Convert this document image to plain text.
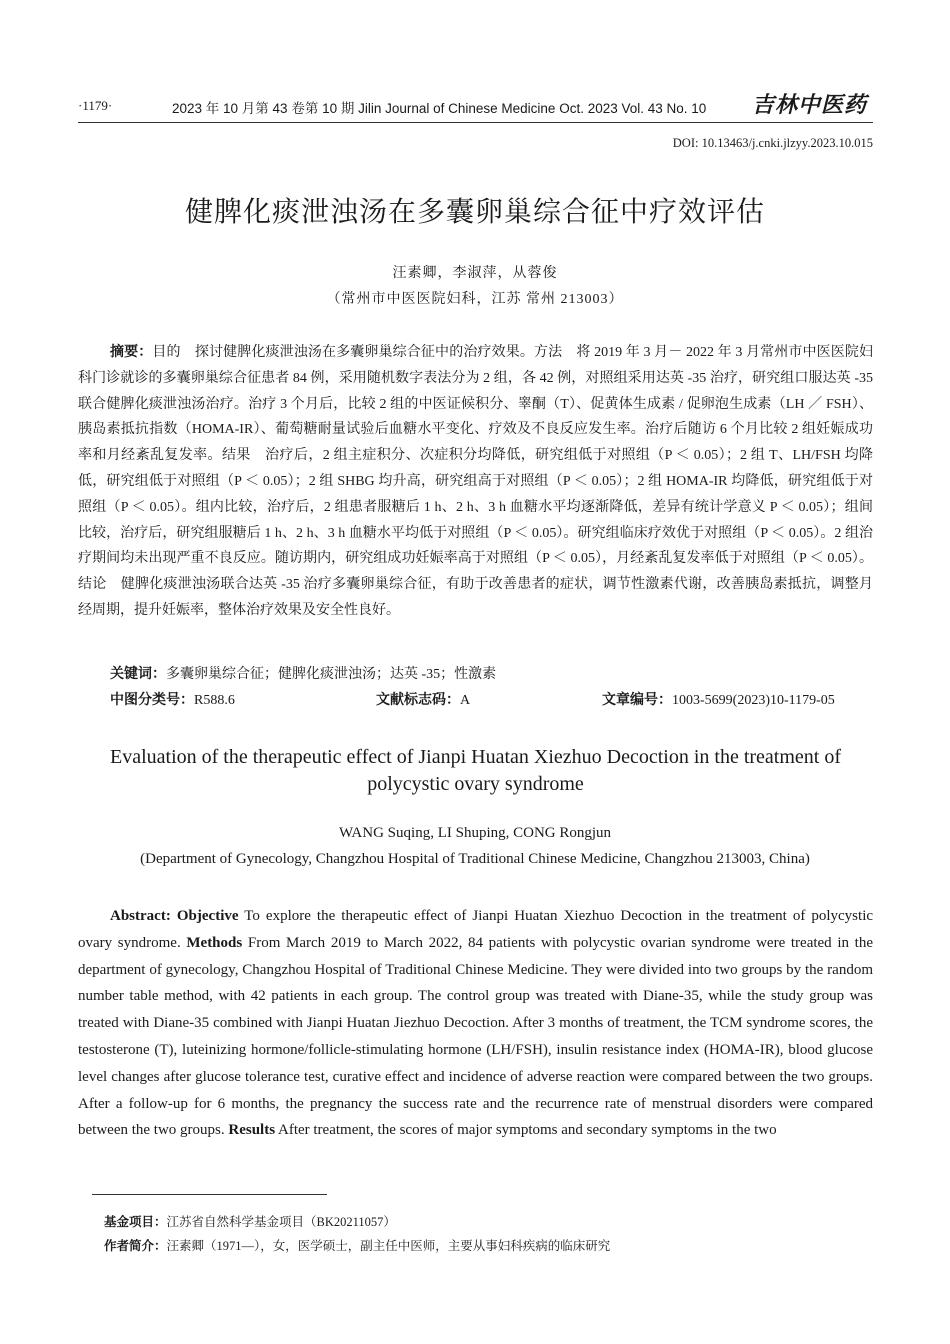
·1179·	2023 年 10 月第 43 卷第 10 期 Jilin Journal of Chinese Medicine Oct. 2023 Vol. 43 No. 10 吉林中医药
DOI: 10.13463/j.cnki.jlzyy.2023.10.015
健脾化痰泄浊汤在多囊卵巢综合征中疗效评估
汪素卿，李淑萍，从蓉俊
（常州市中医医院妇科，江苏 常州 213003）
摘要：目的　 探讨健脾化痰泄浊汤在多囊卵巢综合征中的治疗效果。方法　 将 2019 年 3 月－ 2022 年 3 月常州市中医医院妇科门诊就诊的多囊卵巢综合征患者 84 例，采用随机数字表法分为 2 组，各 42 例，对照组采用达英 -35 治疗，研究组口服达英 -35 联合健脾化痰泄浊汤治疗。治疗 3 个月后，比较 2 组的中医证候积分、睾酮（T）、促黄体生成素 / 促卵泡生成素（LH ／ FSH）、胰岛素抵抗指数（HOMA-IR）、葡萄糖耐量试验后血糖水平变化、疗效及不良反应发生率。治疗后随访 6 个月比较 2 组妊娠成功率和月经紊乱复发率。结果　 治疗后，2 组主症积分、次症积分均降低，研究组低于对照组（P ＜ 0.05）；2 组 T、LH/FSH 均降低，研究组低于对照组（P ＜ 0.05）；2 组 SHBG 均升高，研究组高于对照组（P ＜ 0.05）；2 组 HOMA-IR 均降低，研究组低于对照组（P ＜ 0.05）。组内比较，治疗后，2 组患者服糖后 1 h、2 h、3 h 血糖水平均逐渐降低，差异有统计学意义 P ＜ 0.05）；组间比较，治疗后，研究组服糖后 1 h、2 h、3 h 血糖水平均低于对照组（P ＜ 0.05）。研究组临床疗效优于对照组（P ＜ 0.05）。2 组治疗期间均未出现严重不良反应。随访期内，研究组成功妊娠率高于对照组（P ＜ 0.05），月经紊乱复发率低于对照组（P ＜ 0.05）。结论　 健脾化痰泄浊汤联合达英 -35 治疗多囊卵巢综合征，有助于改善患者的症状，调节性激素代谢，改善胰岛素抵抗，调整月经周期，提升妊娠率，整体治疗效果及安全性良好。
关键词：多囊卵巢综合征；健脾化痰泄浊汤；达英 -35；性激素
中图分类号：R588.6	文献标志码：A	文章编号：1003-5699(2023)10-1179-05
Evaluation of the therapeutic effect of Jianpi Huatan Xiezhuo Decoction in the treatment of polycystic ovary syndrome
WANG Suqing, LI Shuping, CONG Rongjun
(Department of Gynecology, Changzhou Hospital of Traditional Chinese Medicine, Changzhou 213003, China)
Abstract: Objective To explore the therapeutic effect of Jianpi Huatan Xiezhuo Decoction in the treatment of polycystic ovary syndrome. Methods From March 2019 to March 2022, 84 patients with polycystic ovarian syndrome were treated in the department of gynecology, Changzhou Hospital of Traditional Chinese Medicine. They were divided into two groups by the random number table method, with 42 patients in each group. The control group was treated with Diane-35, while the study group was treated with Diane-35 combined with Jianpi Huatan Jiezhuo Decoction. After 3 months of treatment, the TCM syndrome scores, the testosterone (T), luteinizing hormone/follicle-stimulating hormone (LH/FSH), insulin resistance index (HOMA-IR), blood glucose level changes after glucose tolerance test, curative effect and incidence of adverse reaction were compared between the two groups. After a follow-up for 6 months, the pregnancy the success rate and the recurrence rate of menstrual disorders were compared between the two groups. Results After treatment, the scores of major symptoms and secondary symptoms in the two
基金项目：江苏省自然科学基金项目（BK20211057）
作者简介：汪素卿（1971—），女，医学硕士，副主任中医师，主要从事妇科疾病的临床研究
